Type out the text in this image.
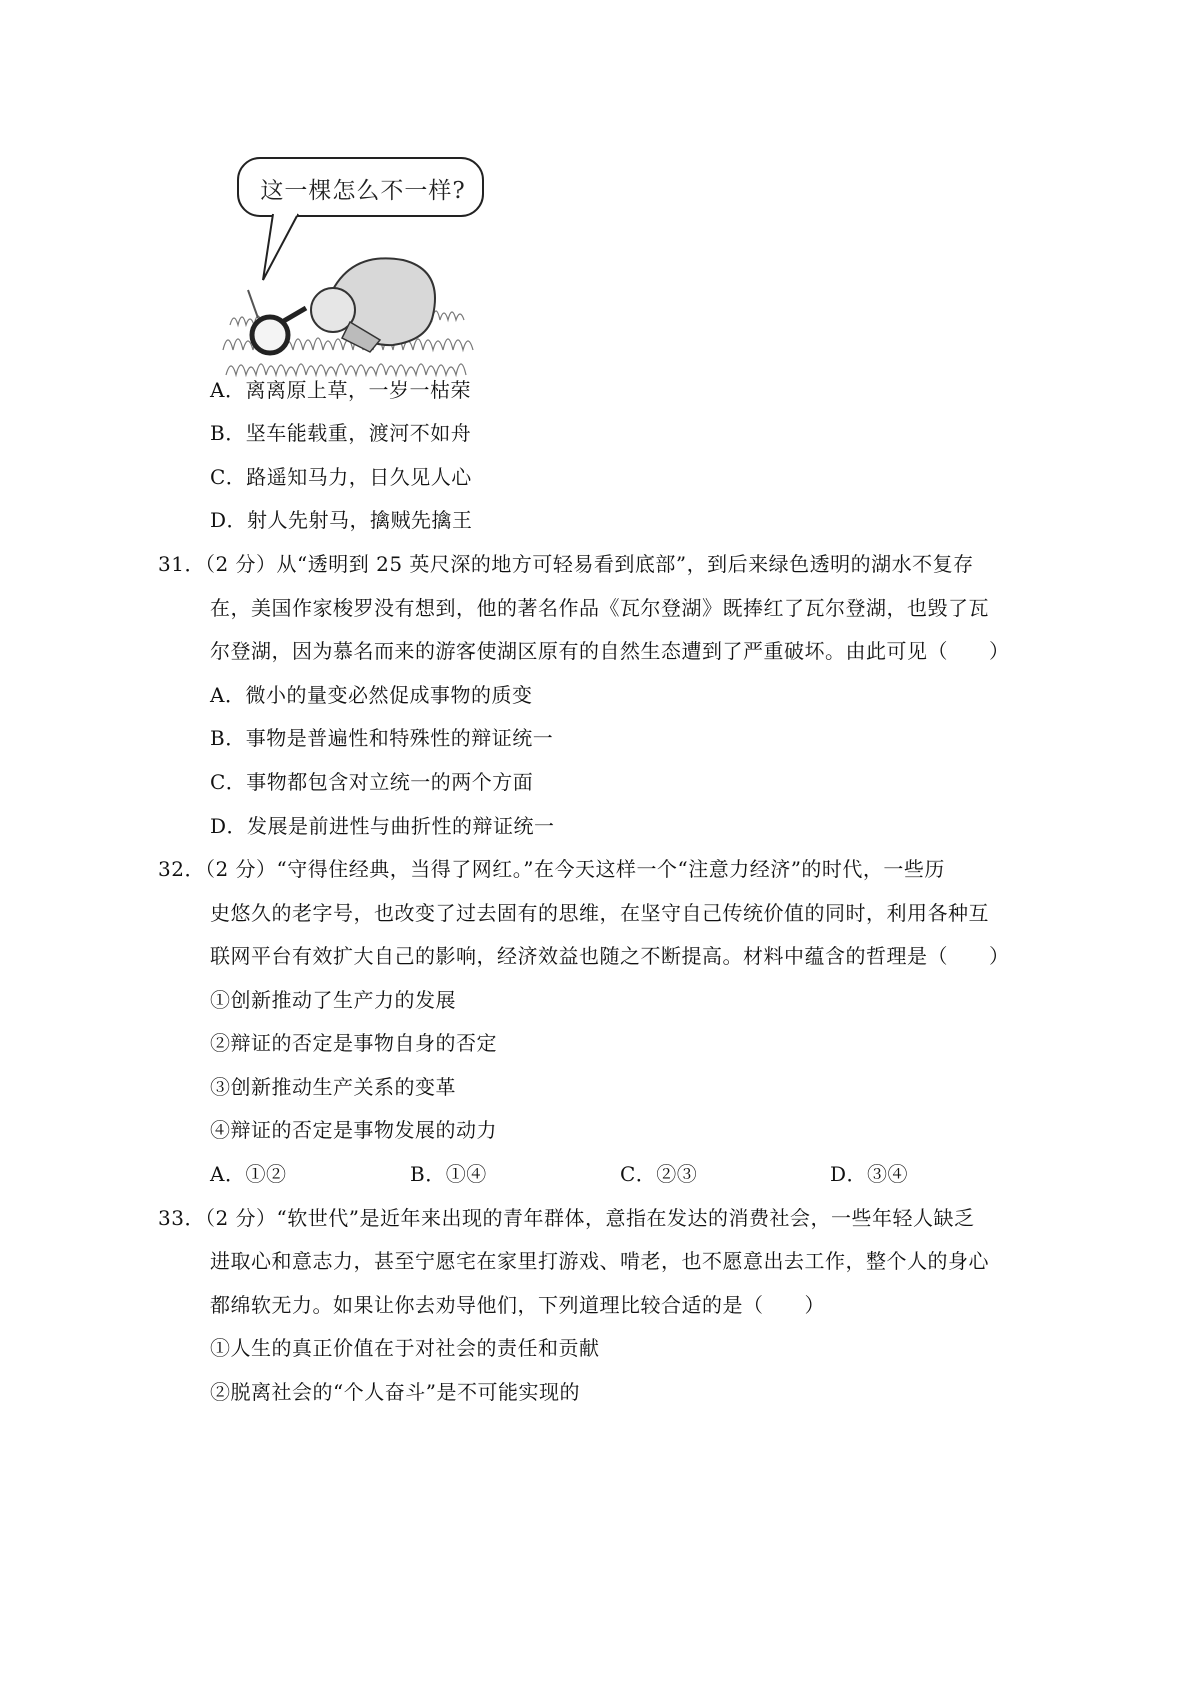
这一棵怎么不一样?
A．离离原上草，一岁一枯荣
B．坚车能载重，渡河不如舟
C．路遥知马力，日久见人心
D．射人先射马，擒贼先擒王
31．（2 分）从“透明到 25 英尺深的地方可轻易看到底部”，到后来绿色透明的湖水不复存
在，美国作家梭罗没有想到，他的著名作品《瓦尔登湖》既捧红了瓦尔登湖，也毁了瓦
尔登湖，因为慕名而来的游客使湖区原有的自然生态遭到了严重破坏。由此可见（　　）
A．微小的量变必然促成事物的质变
B．事物是普遍性和特殊性的辩证统一
C．事物都包含对立统一的两个方面
D．发展是前进性与曲折性的辩证统一
32．（2 分）“守得住经典，当得了网红。”在今天这样一个“注意力经济”的时代，一些历
史悠久的老字号，也改变了过去固有的思维，在坚守自己传统价值的同时，利用各种互
联网平台有效扩大自己的影响，经济效益也随之不断提高。材料中蕴含的哲理是（　　）
①创新推动了生产力的发展
②辩证的否定是事物自身的否定
③创新推动生产关系的变革
④辩证的否定是事物发展的动力
A．①②	B．①④	C．②③	D．③④
33．（2 分）“软世代”是近年来出现的青年群体，意指在发达的消费社会，一些年轻人缺乏
进取心和意志力，甚至宁愿宅在家里打游戏、啃老，也不愿意出去工作，整个人的身心
都绵软无力。如果让你去劝导他们，下列道理比较合适的是（　　）
①人生的真正价值在于对社会的责任和贡献
②脱离社会的“个人奋斗”是不可能实现的
